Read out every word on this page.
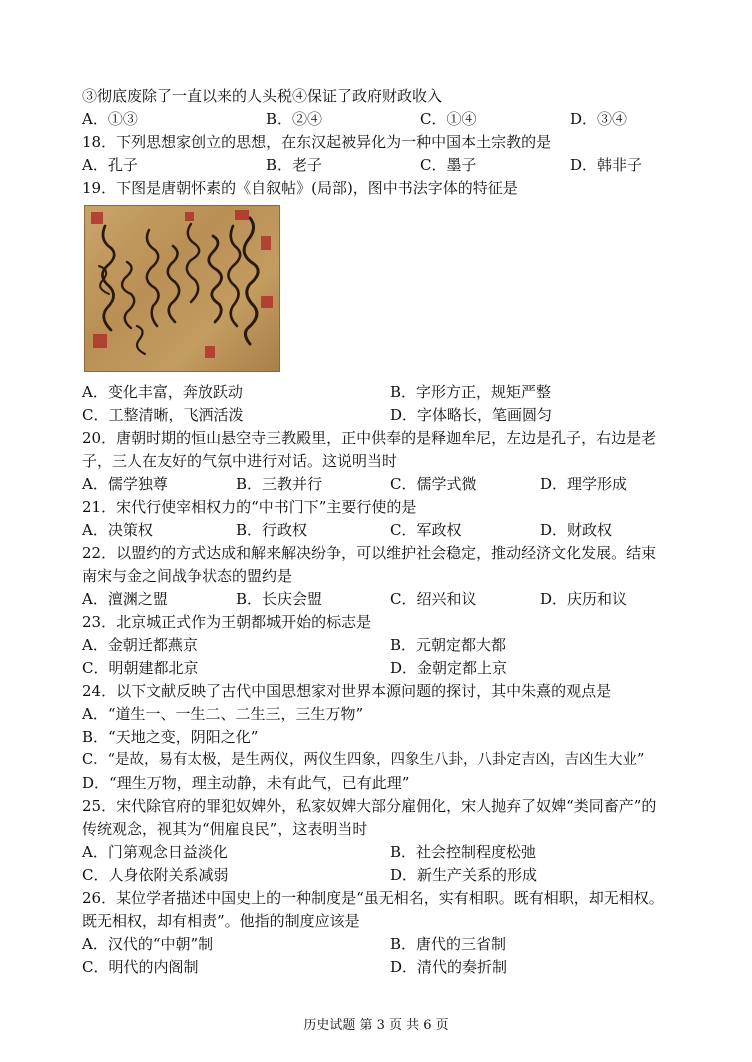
③彻底废除了一直以来的人头税④保证了政府财政收入
A．①③	B．②④	C．①④	D．③④
18．下列思想家创立的思想，在东汉起被异化为一种中国本土宗教的是
A．孔子	B．老子	C．墨子	D．韩非子
19．下图是唐朝怀素的《自叙帖》(局部)，图中书法字体的特征是
A．变化丰富，奔放跃动	B．字形方正，规矩严整
C．工整清晰，飞洒活泼	D．字体略长，笔画圆匀
20．唐朝时期的恒山悬空寺三教殿里，正中供奉的是释迦牟尼，左边是孔子，右边是老
子，三人在友好的气氛中进行对话。这说明当时
A．儒学独尊	B．三教并行	C．儒学式微	D．理学形成
21．宋代行使宰相权力的“中书门下”主要行使的是
A．决策权	B．行政权	C．军政权	D．财政权
22．以盟约的方式达成和解来解决纷争，可以维护社会稳定，推动经济文化发展。结束
南宋与金之间战争状态的盟约是
A．澶渊之盟	B．长庆会盟	C．绍兴和议	D．庆历和议
23．北京城正式作为王朝都城开始的标志是
A．金朝迁都燕京	B．元朝定都大都
C．明朝建都北京	D．金朝定都上京
24．以下文献反映了古代中国思想家对世界本源问题的探讨，其中朱熹的观点是
A．“道生一、一生二、二生三，三生万物”
B．“天地之变，阴阳之化”
C．“是故，易有太极，是生两仪，两仪生四象，四象生八卦，八卦定吉凶，吉凶生大业”
D．“理生万物，理主动静，未有此气，已有此理”
25．宋代除官府的罪犯奴婢外，私家奴婢大部分雇佣化，宋人抛弃了奴婢“类同畜产”的
传统观念，视其为“佣雇良民”，这表明当时
A．门第观念日益淡化	B．社会控制程度松弛
C．人身依附关系减弱	D．新生产关系的形成
26．某位学者描述中国史上的一种制度是“虽无相名，实有相职。既有相职，却无相权。
既无相权，却有相责”。他指的制度应该是
A．汉代的“中朝”制	B．唐代的三省制
C．明代的内阁制	D．清代的奏折制
历史试题 第 3 页 共 6 页
